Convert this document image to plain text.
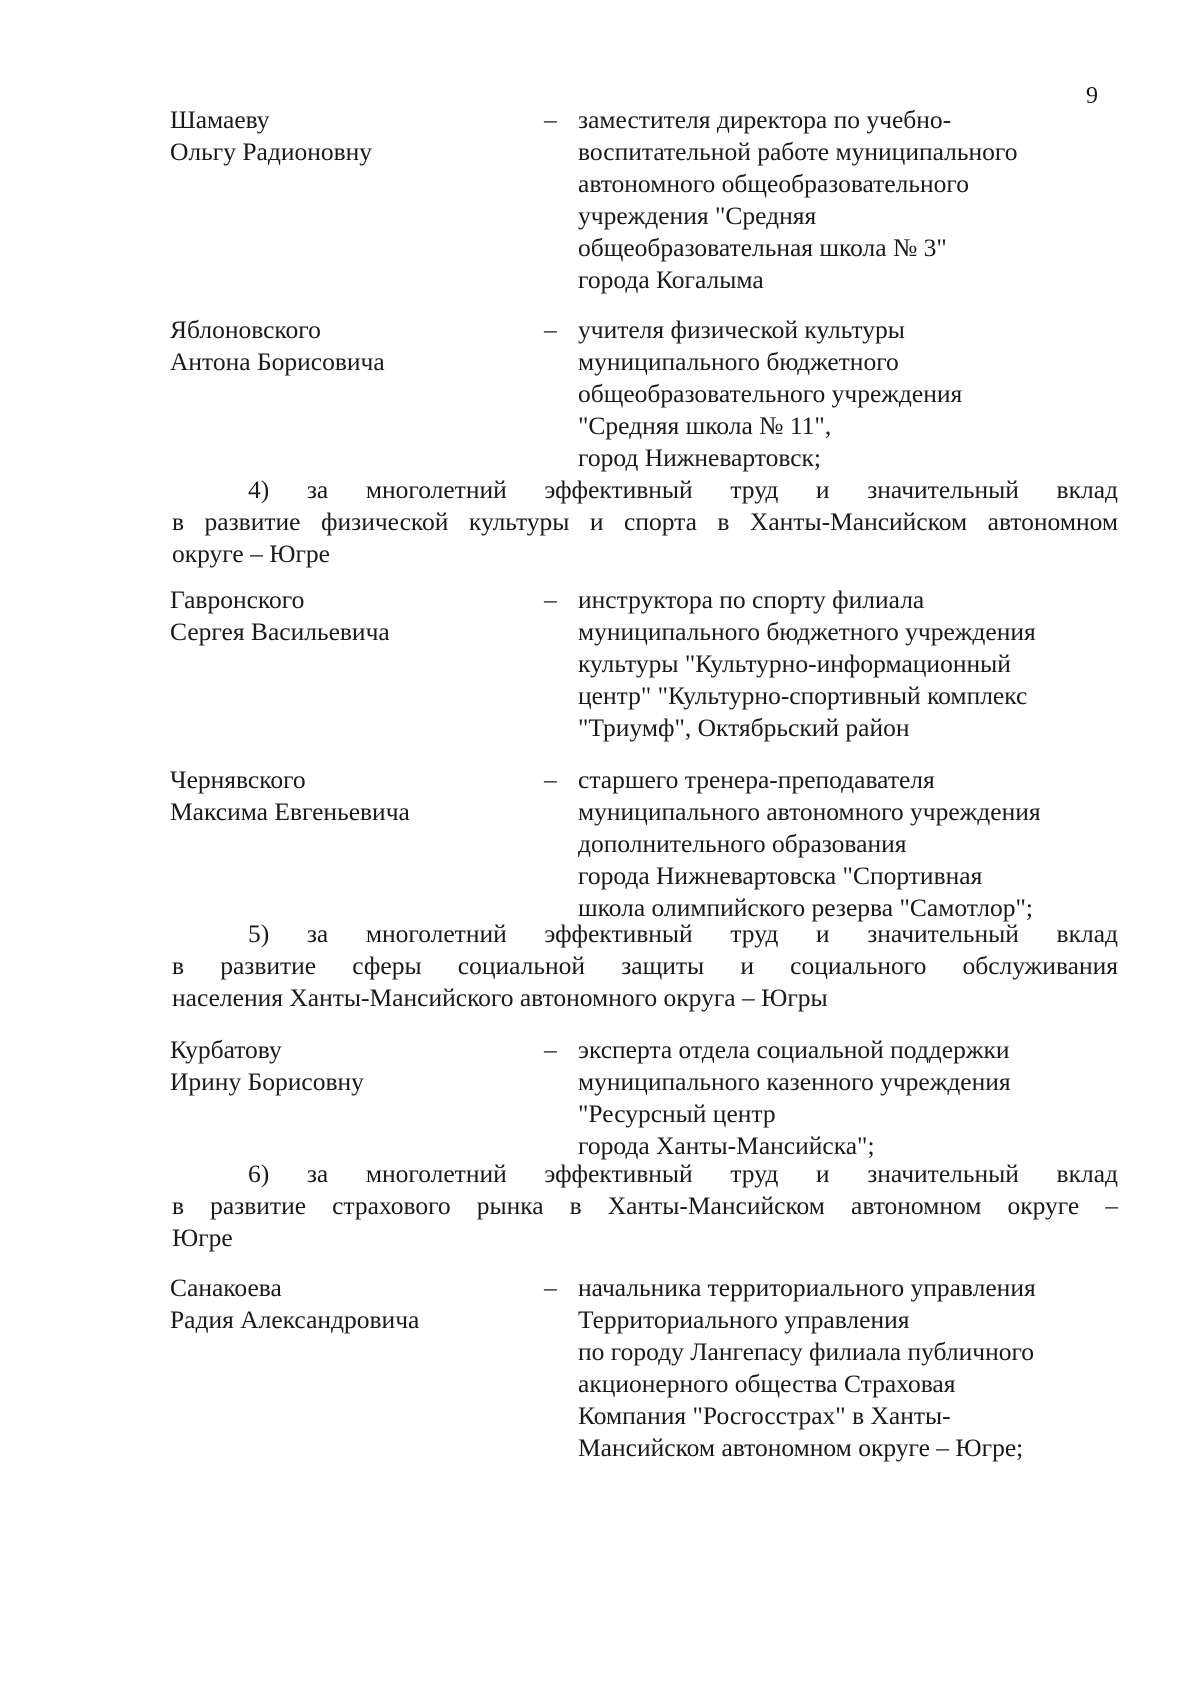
9
Шамаеву
Ольгу Радионовну
– заместителя директора по учебно-
воспитательной работе муниципального
автономного общеобразовательного
учреждения "Средняя
общеобразовательная школа № 3"
города Когалыма
Яблоновского
Антона Борисовича
– учителя физической культуры
муниципального бюджетного
общеобразовательного учреждения
"Средняя школа № 11",
город Нижневартовск;
4) за многолетний эффективный труд и значительный вклад
в развитие физической культуры и спорта в Ханты-Мансийском автономном
округе – Югре
Гавронского
Сергея Васильевича
– инструктора по спорту филиала
муниципального бюджетного учреждения
культуры "Культурно-информационный
центр" "Культурно-спортивный комплекс
"Триумф", Октябрьский район
Чернявского
Максима Евгеньевича
– старшего тренера-преподавателя
муниципального автономного учреждения
дополнительного образования
города Нижневартовска "Спортивная
школа олимпийского резерва "Самотлор";
5) за многолетний эффективный труд и значительный вклад
в развитие сферы социальной защиты и социального обслуживания
населения Ханты-Мансийского автономного округа – Югры
Курбатову
Ирину Борисовну
– эксперта отдела социальной поддержки
муниципального казенного учреждения
"Ресурсный центр
города Ханты-Мансийска";
6) за многолетний эффективный труд и значительный вклад
в развитие страхового рынка в Ханты-Мансийском автономном округе –
Югре
Санакоева
Радия Александровича
– начальника территориального управления
Территориального управления
по городу Лангепасу филиала публичного
акционерного общества Страховая
Компания "Росгосстрах" в Ханты-
Мансийском автономном округе – Югре;
